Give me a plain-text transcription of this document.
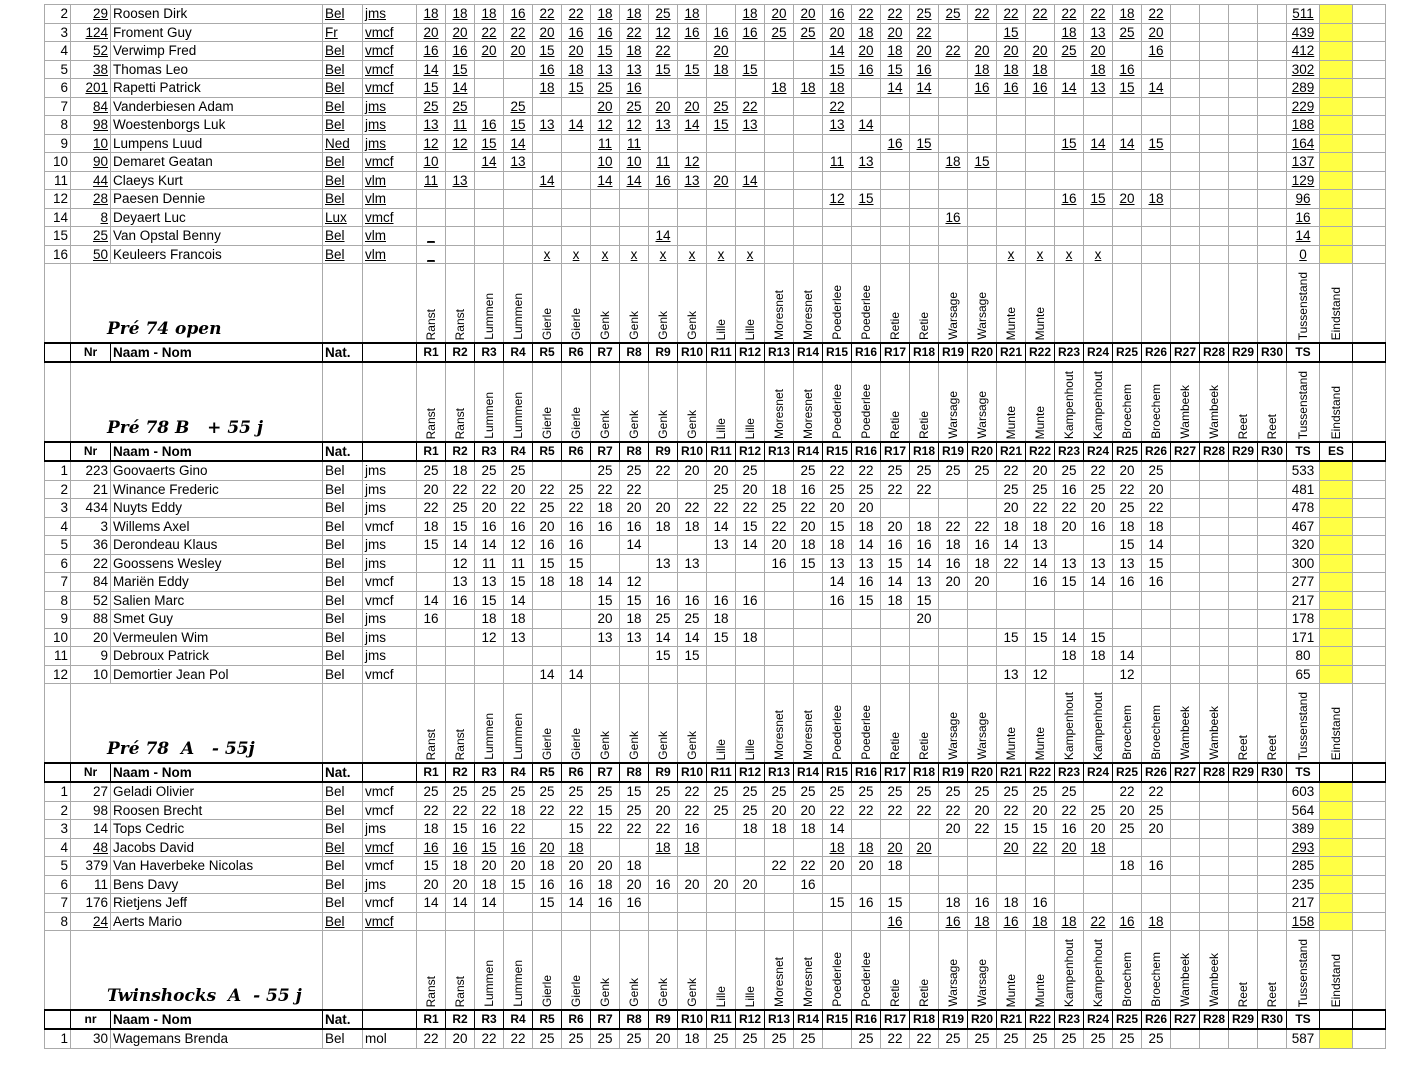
2	29	Roosen Dirk	Bel	jms	18	18	18	16	22	22	18	18	25	18		18	20	20	16	22	22	25	25	22	22	22	22	22	18	22					511		
3	124	Froment Guy	Fr	vmcf	20	20	22	22	20	16	16	22	12	16	16	16	25	25	20	18	20	22			15		18	13	25	20					439		
4	52	Verwimp Fred	Bel	vmcf	16	16	20	20	15	20	15	18	22		20				14	20	18	20	22	20	20	20	25	20		16					412		
5	38	Thomas Leo	Bel	vmcf	14	15			16	18	13	13	15	15	18	15			15	16	15	16		18	18	18		18	16						302		
6	201	Rapetti Patrick	Bel	vmcf	15	14			18	15	25	16					18	18	18		14	14		16	16	16	14	13	15	14					289		
7	84	Vanderbiesen Adam	Bel	jms	25	25		25			20	25	20	20	25	22			22																229		
8	98	Woestenborgs Luk	Bel	jms	13	11	16	15	13	14	12	12	13	14	15	13			13	14															188		
9	10	Lumpens Luud	Ned	jms	12	12	15	14			11	11									16	15					15	14	14	15					164		
10	90	Demaret Geatan	Bel	vmcf	10		14	13			10	10	11	12					11	13			18	15											137		
11	44	Claeys Kurt	Bel	vlm	11	13			14		14	14	16	13	20	14																			129		
12	28	Paesen Dennie	Bel	vlm															12	15							16	15	20	18					96		
14	8	Deyaert Luc	Lux	vmcf																			16												16		
15	25	Van Opstal Benny	Bel	vlm	_								14																						14		
16	50	Keuleers Francois	Bel	vlm	_				x	x	x	x	x	x	x	x									x	x	x	x							0		

	Pré 74 open				Ranst	Ranst	Lummen	Lummen	Gierle	Gierle	Genk	Genk	Genk	Genk	Lille	Lille	Moresnet	Moresnet	Poederlee	Poederlee	Retie	Retie	Warsage	Warsage	Munte	Munte									Tussenstand	Eindstand	

	Nr	Naam - Nom	Nat.		R1	R2	R3	R4	R5	R6	R7	R8	R9	R10	R11	R12	R13	R14	R15	R16	R17	R18	R19	R20	R21	R22	R23	R24	R25	R26	R27	R28	R29	R30	TS		

	Pré 78 B   + 55 j				Ranst	Ranst	Lummen	Lummen	Gierle	Gierle	Genk	Genk	Genk	Genk	Lille	Lille	Moresnet	Moresnet	Poederlee	Poederlee	Retie	Retie	Warsage	Warsage	Munte	Munte	Kampenhout	Kampenhout	Broechem	Broechem	Wambeek	Wambeek	Reet	Reet	Tussenstand	Eindstand	

	Nr	Naam - Nom	Nat.		R1	R2	R3	R4	R5	R6	R7	R8	R9	R10	R11	R12	R13	R14	R15	R16	R17	R18	R19	R20	R21	R22	R23	R24	R25	R26	R27	R28	R29	R30	TS	ES	
1	223	Goovaerts Gino	Bel	jms	25	18	25	25			25	25	22	20	20	25		25	22	22	25	25	25	25	22	20	25	22	20	25					533		
2	21	Winance Frederic	Bel	jms	20	22	22	20	22	25	22	22			25	20	18	16	25	25	22	22			25	25	16	25	22	20					481		
3	434	Nuyts Eddy	Bel	jms	22	25	20	22	25	22	18	20	20	22	22	22	25	22	20	20					20	22	22	20	25	22					478		
4	3	Willems Axel	Bel	vmcf	18	15	16	16	20	16	16	16	18	18	14	15	22	20	15	18	20	18	22	22	18	18	20	16	18	18					467		
5	36	Derondeau Klaus	Bel	jms	15	14	14	12	16	16		14			13	14	20	18	18	14	16	16	18	16	14	13			15	14					320		
6	22	Goossens Wesley	Bel	jms		12	11	11	15	15			13	13			16	15	13	13	15	14	16	18	22	14	13	13	13	15					300		
7	84	Mariën Eddy	Bel	vmcf		13	13	15	18	18	14	12							14	16	14	13	20	20		16	15	14	16	16					277		
8	52	Salien Marc	Bel	vmcf	14	16	15	14			15	15	16	16	16	16			16	15	18	15													217		
9	88	Smet Guy	Bel	jms	16		18	18			20	18	25	25	18							20													178		
10	20	Vermeulen Wim	Bel	jms			12	13			13	13	14	14	15	18									15	15	14	15							171		
11	9	Debroux Patrick	Bel	jms									15	15													18	18	14						80		
12	10	Demortier Jean Pol	Bel	vmcf					14	14															13	12			12						65		

	Pré 78  A   - 55j				Ranst	Ranst	Lummen	Lummen	Gierle	Gierle	Genk	Genk	Genk	Genk	Lille	Lille	Moresnet	Moresnet	Poederlee	Poederlee	Retie	Retie	Warsage	Warsage	Munte	Munte	Kampenhout	Kampenhout	Broechem	Broechem	Wambeek	Wambeek	Reet	Reet	Tussenstand	Eindstand	

	Nr	Naam - Nom	Nat.		R1	R2	R3	R4	R5	R6	R7	R8	R9	R10	R11	R12	R13	R14	R15	R16	R17	R18	R19	R20	R21	R22	R23	R24	R25	R26	R27	R28	R29	R30	TS		
1	27	Geladi Olivier	Bel	vmcf	25	25	25	25	25	25	25	15	25	22	25	25	25	25	25	25	25	25	25	25	25	25	25		22	22					603		
2	98	Roosen Brecht	Bel	vmcf	22	22	22	18	22	22	15	25	20	22	25	25	20	20	22	22	22	22	22	20	22	20	22	25	20	25					564		
3	14	Tops Cedric	Bel	jms	18	15	16	22		15	22	22	22	16		18	18	18	14				20	22	15	15	16	20	25	20					389		
4	48	Jacobs David	Bel	vmcf	16	16	15	16	20	18			18	18					18	18	20	20			20	22	20	18							293		
5	379	Van Haverbeke Nicolas	Bel	vmcf	15	18	20	20	18	20	20	18					22	22	20	20	18								18	16					285		
6	11	Bens Davy	Bel	jms	20	20	18	15	16	16	18	20	16	20	20	20		16																	235		
7	176	Rietjens Jeff	Bel	vmcf	14	14	14		15	14	16	16							15	16	15		18	16	18	16									217		
8	24	Aerts Mario	Bel	vmcf																	16		16	18	16	18	18	22	16	18					158		

	Twinshocks  A  - 55 j				Ranst	Ranst	Lummen	Lummen	Gierle	Gierle	Genk	Genk	Genk	Genk	Lille	Lille	Moresnet	Moresnet	Poederlee	Poederlee	Retie	Retie	Warsage	Warsage	Munte	Munte	Kampenhout	Kampenhout	Broechem	Broechem	Wambeek	Wambeek	Reet	Reet	Tussenstand	Eindstand	

	nr	Naam - Nom	Nat.		R1	R2	R3	R4	R5	R6	R7	R8	R9	R10	R11	R12	R13	R14	R15	R16	R17	R18	R19	R20	R21	R22	R23	R24	R25	R26	R27	R28	R29	R30	TS		
1	30	Wagemans Brenda	Bel	mol	22	20	22	22	25	25	25	25	20	18	25	25	25	25		25	22	22	25	25	25	25	25	25	25	25					587		
